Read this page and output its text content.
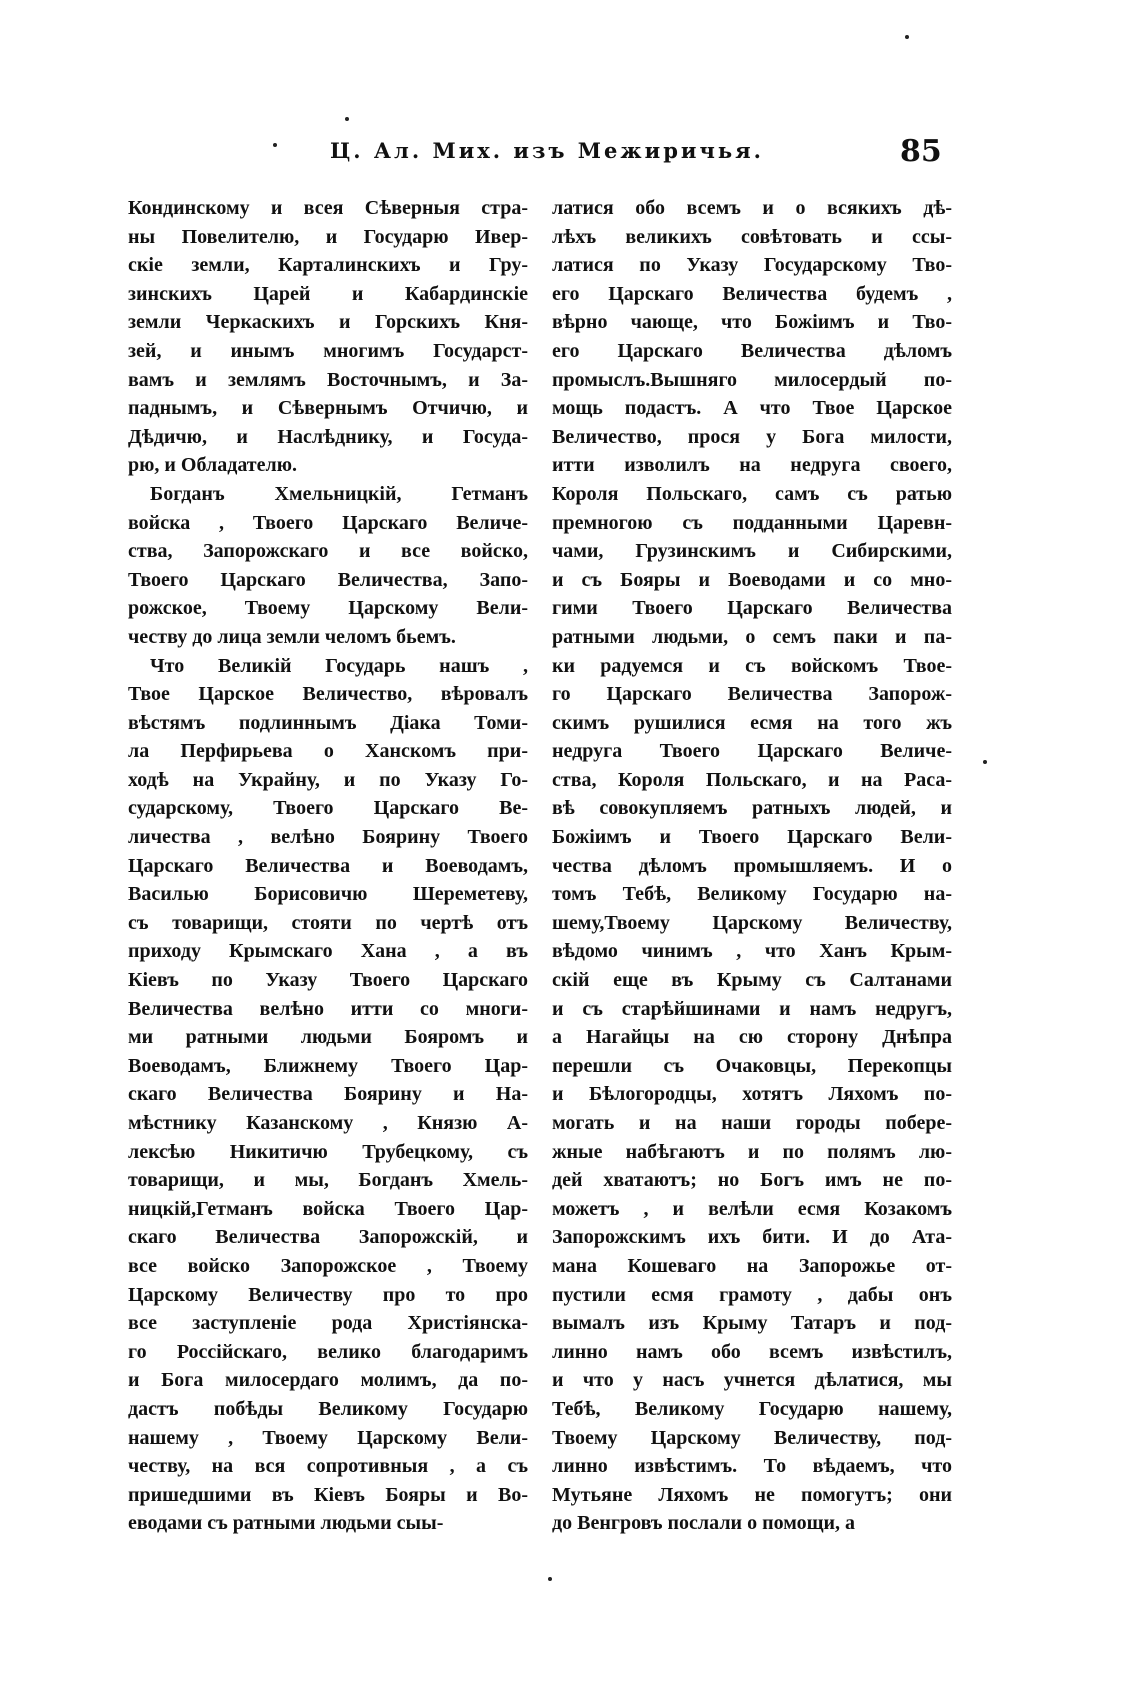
Ц. Ал. Мих. изъ Межиричья.	85
Кондинскому и всея Сѣверныя стра-
ны Повелителю, и Государю Ивер-
скіе земли, Карталинскихъ и Гру-
зинскихъ Царей и Кабардинскіе
земли Черкаскихъ и Горскихъ Кня-
зей, и инымъ многимъ Государст-
вамъ и землямъ Восточнымъ, и За-
паднымъ, и Сѣвернымъ Отчичю, и
Дѣдичю, и Наслѣднику, и Госуда-
рю, и Обладателю.
Богданъ Хмельницкій, Гетманъ
войска , Твоего Царскаго Величе-
ства, Запорожскаго и все войско,
Твоего Царскаго Величества, Запо-
рожское, Твоему Царскому Вели-
честву до лица земли челомъ бьемъ.
Что Великій Государь нашъ ,
Твое Царское Величество, вѣровалъ
вѣстямъ подлиннымъ Дiака Томи-
ла Перфирьева о Ханскомъ при-
ходѣ на Украйну, и по Указу Го-
сударскому, Твоего Царскаго Ве-
личества , велѣно Боярину Твоего
Царскаго Величества и Воеводамъ,
Василью Борисовичю Шереметеву,
съ товарищи, стояти по чертѣ отъ
приходу Крымскаго Хана , а въ
Кiевъ по Указу Твоего Царскаго
Величества велѣно итти со многи-
ми ратными людьми Бояромъ и
Воеводамъ, Ближнему Твоего Цар-
скаго Величества Боярину и На-
мѣстнику Казанскому , Князю А-
лексѣю Никитичю Трубецкому, съ
товарищи, и мы, Богданъ Хмель-
ницкій,Гетманъ войска Твоего Цар-
скаго Величества Запорожскій, и
все войско Запорожское , Твоему
Царскому Величеству про то про
все заступленіе рода Христiянска-
го Россiйскаго, велико благодаримъ
и Бога милосердаго молимъ, да по-
дастъ побѣды Великому Государю
нашему , Твоему Царскому Вели-
честву, на вся сопротивныя , а съ
пришедшими въ Кiевъ Бояры и Во-
еводами съ ратными людьми сыы-
латися обо всемъ и о всякихъ дѣ-
лѣхъ великихъ совѣтовать и ссы-
латися по Указу Государскому Тво-
его Царскаго Величества будемъ ,
вѣрно чающе, что Божiимъ и Тво-
его Царскаго Величества дѣломъ
промыслъ.Вышняго милосердый по-
мощь подастъ. А что Твое Царское
Величество, прося у Бога милости,
итти изволилъ на недруга своего,
Короля Польскаго, самъ съ ратью
премногою съ подданными Царевн-
чами, Грузинскимъ и Сибирскими,
и съ Бояры и Воеводами и со мно-
гими Твоего Царскаго Величества
ратными людьми, о семъ паки и па-
ки радуемся и съ войскомъ Твое-
го Царскаго Величества Запорож-
скимъ рушилися есмя на того жъ
недруга Твоего Царскаго Величе-
ства, Короля Польскаго, и на Раса-
вѣ совокупляемъ ратныхъ людей, и
Божiимъ и Твоего Царскаго Вели-
чества дѣломъ промышляемъ. И о
томъ Тебѣ, Великому Государю на-
шему,Твоему Царскому Величеству,
вѣдомо чинимъ , что Ханъ Крым-
скій еще въ Крыму съ Салтанами
и съ старѣйшинами и намъ недругъ,
а Нагайцы на сю сторону Днѣпра
перешли съ Очаковцы, Перекопцы
и Бѣлогородцы, хотятъ Ляхомъ по-
могать и на наши городы побере-
жные набѣгаютъ и по полямъ лю-
дей хватаютъ; но Богъ имъ не по-
можетъ , и велѣли есмя Козакомъ
Запорожскимъ ихъ бити. И до Ата-
мана Кошеваго на Запорожье от-
пустили есмя грамоту , дабы онъ
вымалъ изъ Крыму Татаръ и под-
линно намъ обо всемъ извѣстилъ,
и что у насъ учнется дѣлатися, мы
Тебѣ, Великому Государю нашему,
Твоему Царскому Величеству, под-
линно извѣстимъ. То вѣдаемъ, что
Мутьяне Ляхомъ не помогутъ; они
до Венгровъ послали о помощи, а
